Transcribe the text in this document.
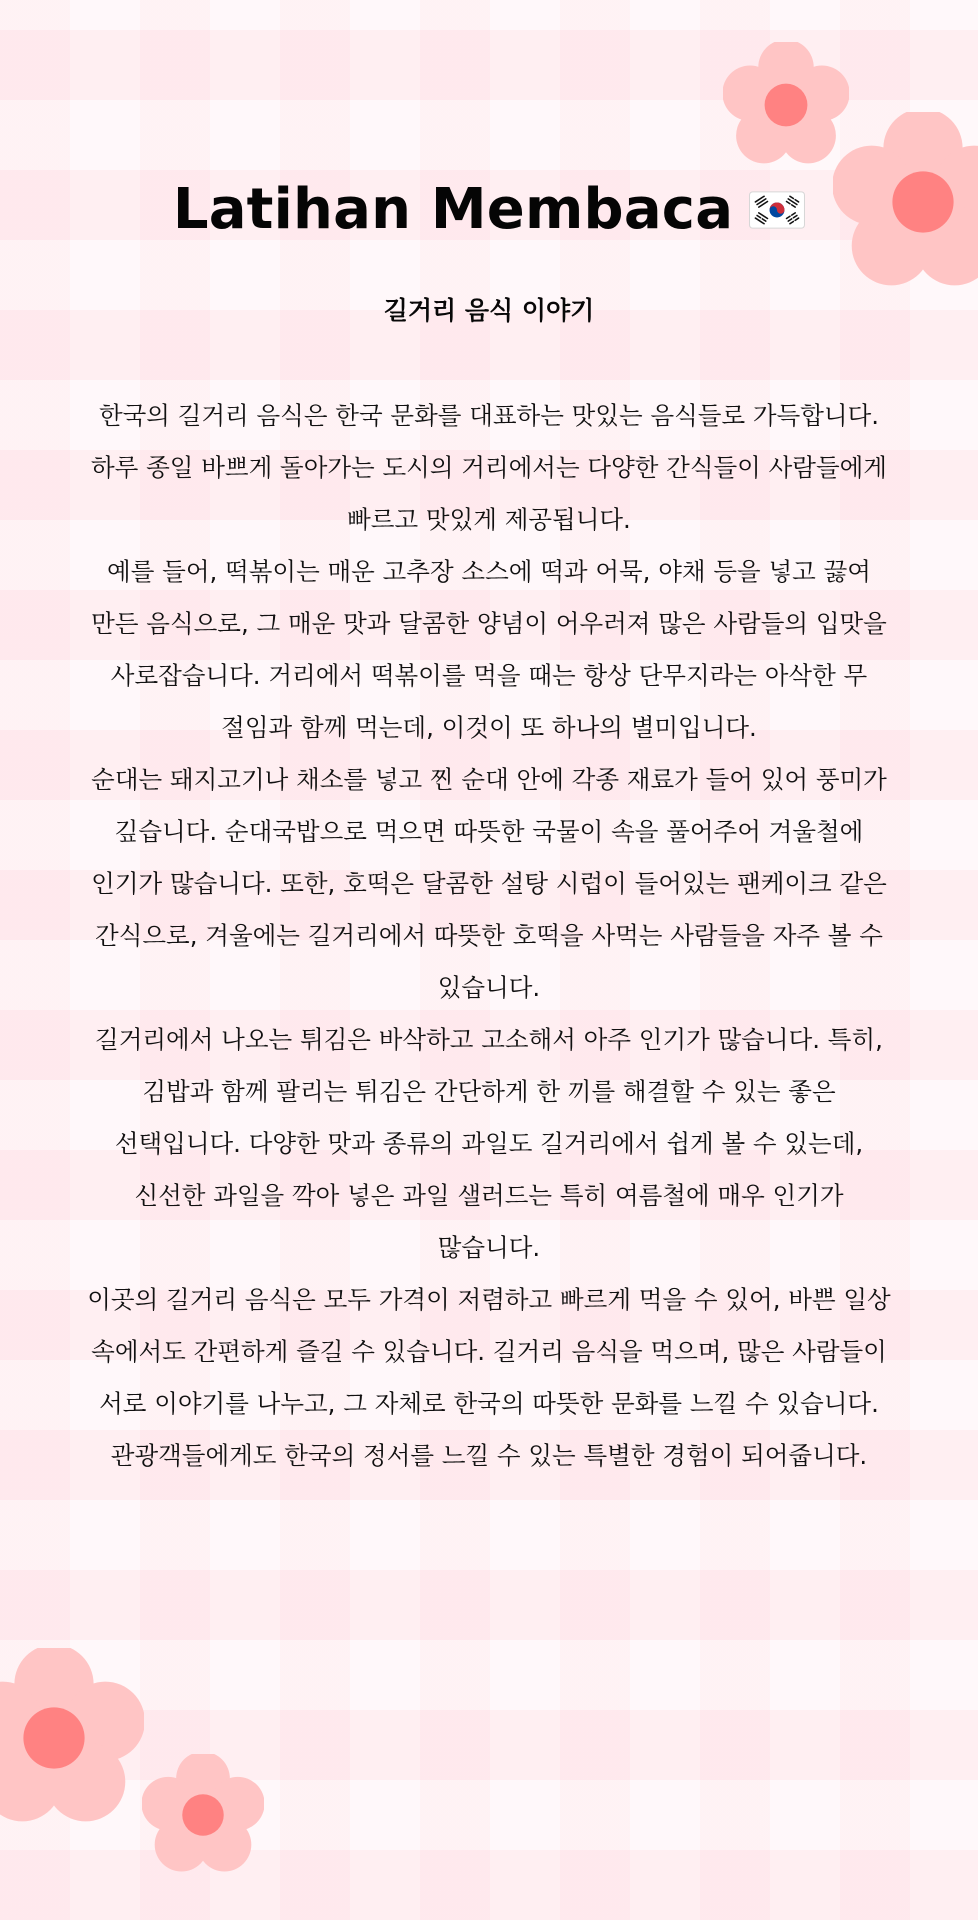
Latihan Membaca
길거리 음식 이야기

한국의 길거리 음식은 한국 문화를 대표하는 맛있는 음식들로 가득합니다. 하루 종일 바쁘게 돌아가는 도시의 거리에서는 다양한 간식들이 사람들에게 빠르고 맛있게 제공됩니다.

예를 들어, 떡볶이는 매운 고추장 소스에 떡과 어묵, 야채 등을 넣고 끓여 만든 음식으로, 그 매운 맛과 달콤한 양념이 어우러져 많은 사람들의 입맛을 사로잡습니다. 거리에서 떡볶이를 먹을 때는 항상 단무지라는 아삭한 무 절임과 함께 먹는데, 이것이 또 하나의 별미입니다.

순대는 돼지고기나 채소를 넣고 찐 순대 안에 각종 재료가 들어 있어 풍미가 깊습니다. 순대국밥으로 먹으면 따뜻한 국물이 속을 풀어주어 겨울철에 인기가 많습니다. 또한, 호떡은 달콤한 설탕 시럽이 들어있는 팬케이크 같은 간식으로, 겨울에는 길거리에서 따뜻한 호떡을 사먹는 사람들을 자주 볼 수 있습니다.

길거리에서 나오는 튀김은 바삭하고 고소해서 아주 인기가 많습니다. 특히, 김밥과 함께 팔리는 튀김은 간단하게 한 끼를 해결할 수 있는 좋은 선택입니다. 다양한 맛과 종류의 과일도 길거리에서 쉽게 볼 수 있는데, 신선한 과일을 깍아 넣은 과일 샐러드는 특히 여름철에 매우 인기가 많습니다.

이곳의 길거리 음식은 모두 가격이 저렴하고 빠르게 먹을 수 있어, 바쁜 일상 속에서도 간편하게 즐길 수 있습니다. 길거리 음식을 먹으며, 많은 사람들이 서로 이야기를 나누고, 그 자체로 한국의 따뜻한 문화를 느낄 수 있습니다. 관광객들에게도 한국의 정서를 느낄 수 있는 특별한 경험이 되어줍니다.
